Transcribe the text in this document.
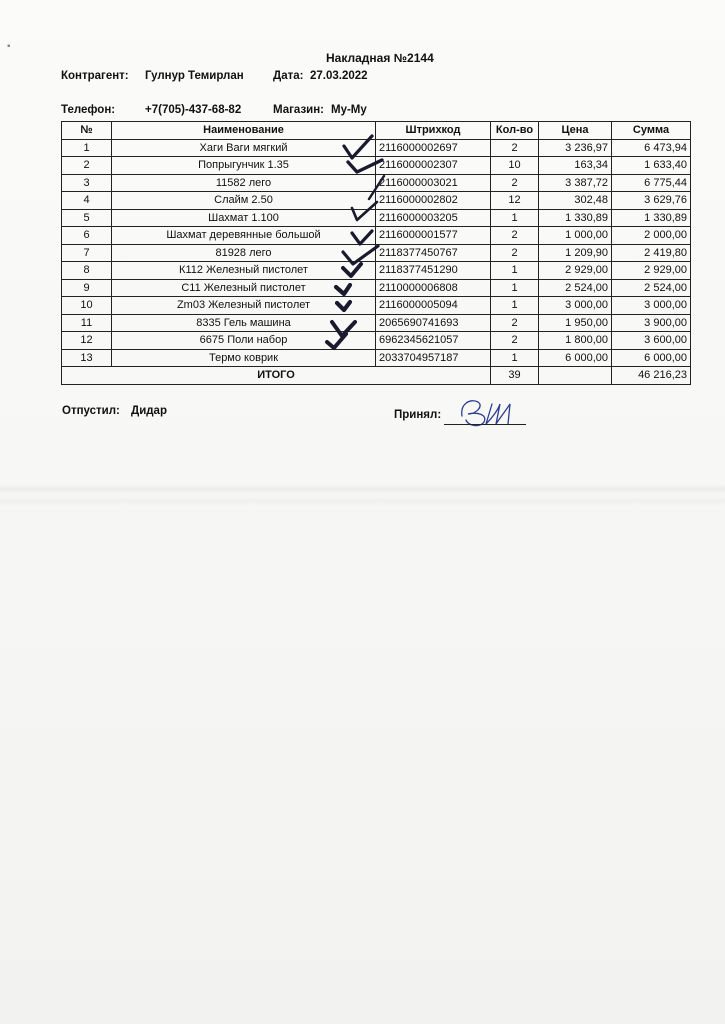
▪
Накладная №2144
Контрагент: Гулнур Темирлан	Дата: 27.03.2022
Телефон:	+7(705)-437-68-82	Магазин: Му-Му
№	Наименование	Штрихкод	Кол-во	Цена	Сумма
1	Хаги Ваги мягкий	2116000002697	2	3 236,97	6 473,94
2	Попрыгунчик 1.35	2116000002307	10	163,34	1 633,40
3	11582 лего	2116000003021	2	3 387,72	6 775,44
4	Слайм 2.50	2116000002802	12	302,48	3 629,76
5	Шахмат 1.100	2116000003205	1	1 330,89	1 330,89
6	Шахмат деревянные большой	2116000001577	2	1 000,00	2 000,00
7	81928 лего	2118377450767	2	1 209,90	2 419,80
8	К112 Железный пистолет	2118377451290	1	2 929,00	2 929,00
9	С11 Железный пистолет	2110000006808	1	2 524,00	2 524,00
10	Zm03 Железный пистолет	2116000005094	1	3 000,00	3 000,00
11	8335 Гель машина	2065690741693	2	1 950,00	3 900,00
12	6675 Поли набор	6962345621057	2	1 800,00	3 600,00
13	Термо коврик	2033704957187	1	6 000,00	6 000,00
ИТОГО			39		46 216,23
Отпустил: Дидар	Принял:
